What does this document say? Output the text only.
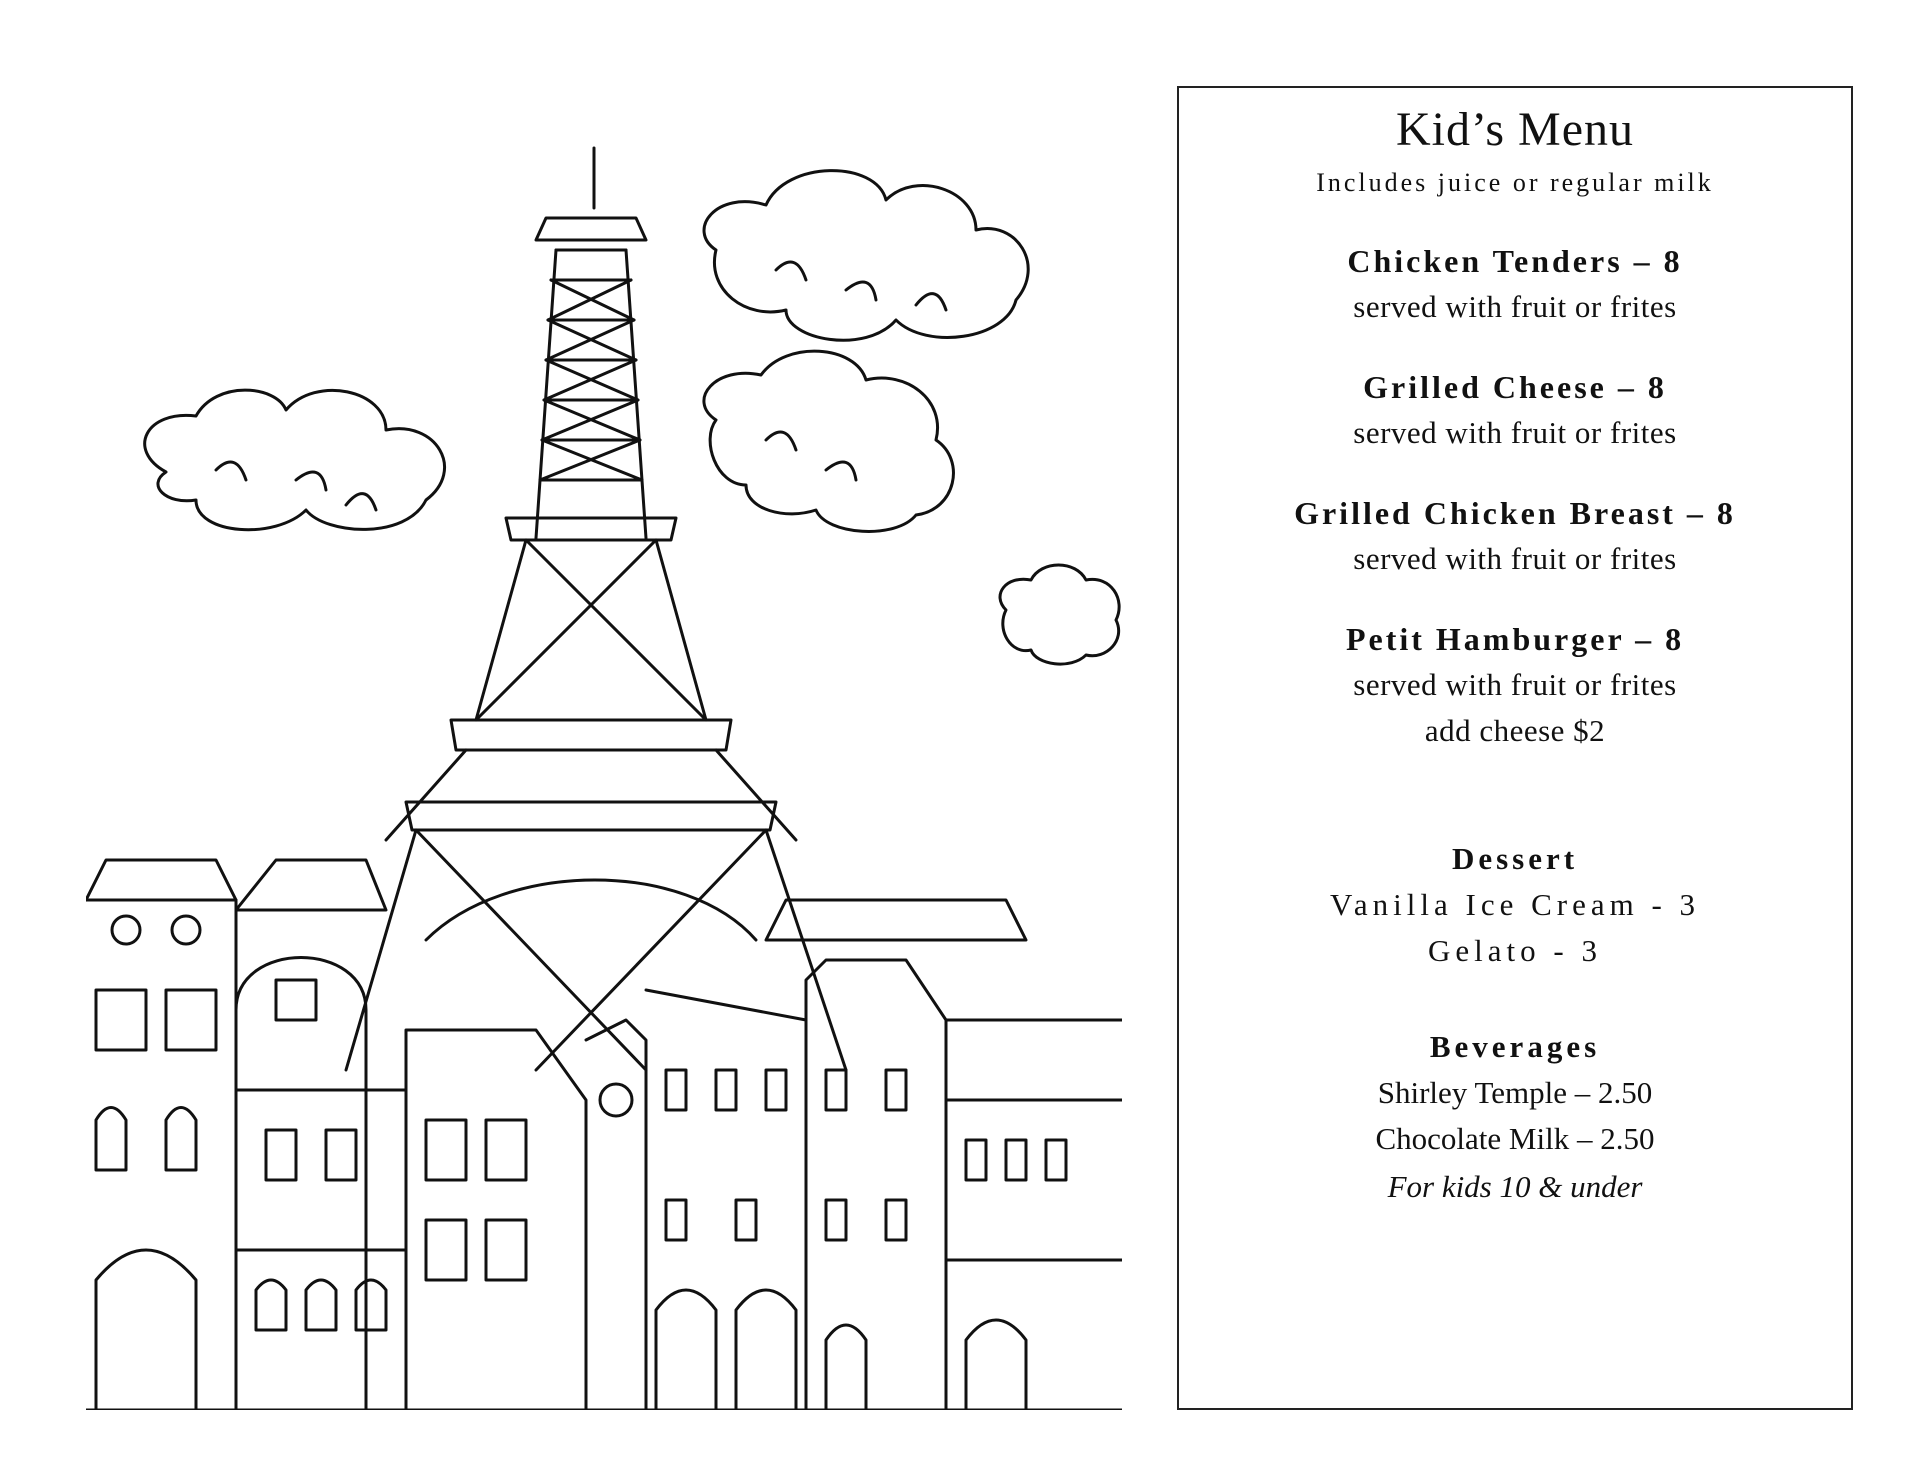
Kid’s Menu
Includes juice or regular milk
Chicken Tenders – 8
served with fruit or frites
Grilled Cheese – 8
served with fruit or frites
Grilled Chicken Breast – 8
served with fruit or frites
Petit Hamburger – 8
served with fruit or frites
add cheese $2
Dessert
Vanilla Ice Cream - 3
Gelato - 3
Beverages
Shirley Temple – 2.50
Chocolate Milk – 2.50
For kids 10 & under
